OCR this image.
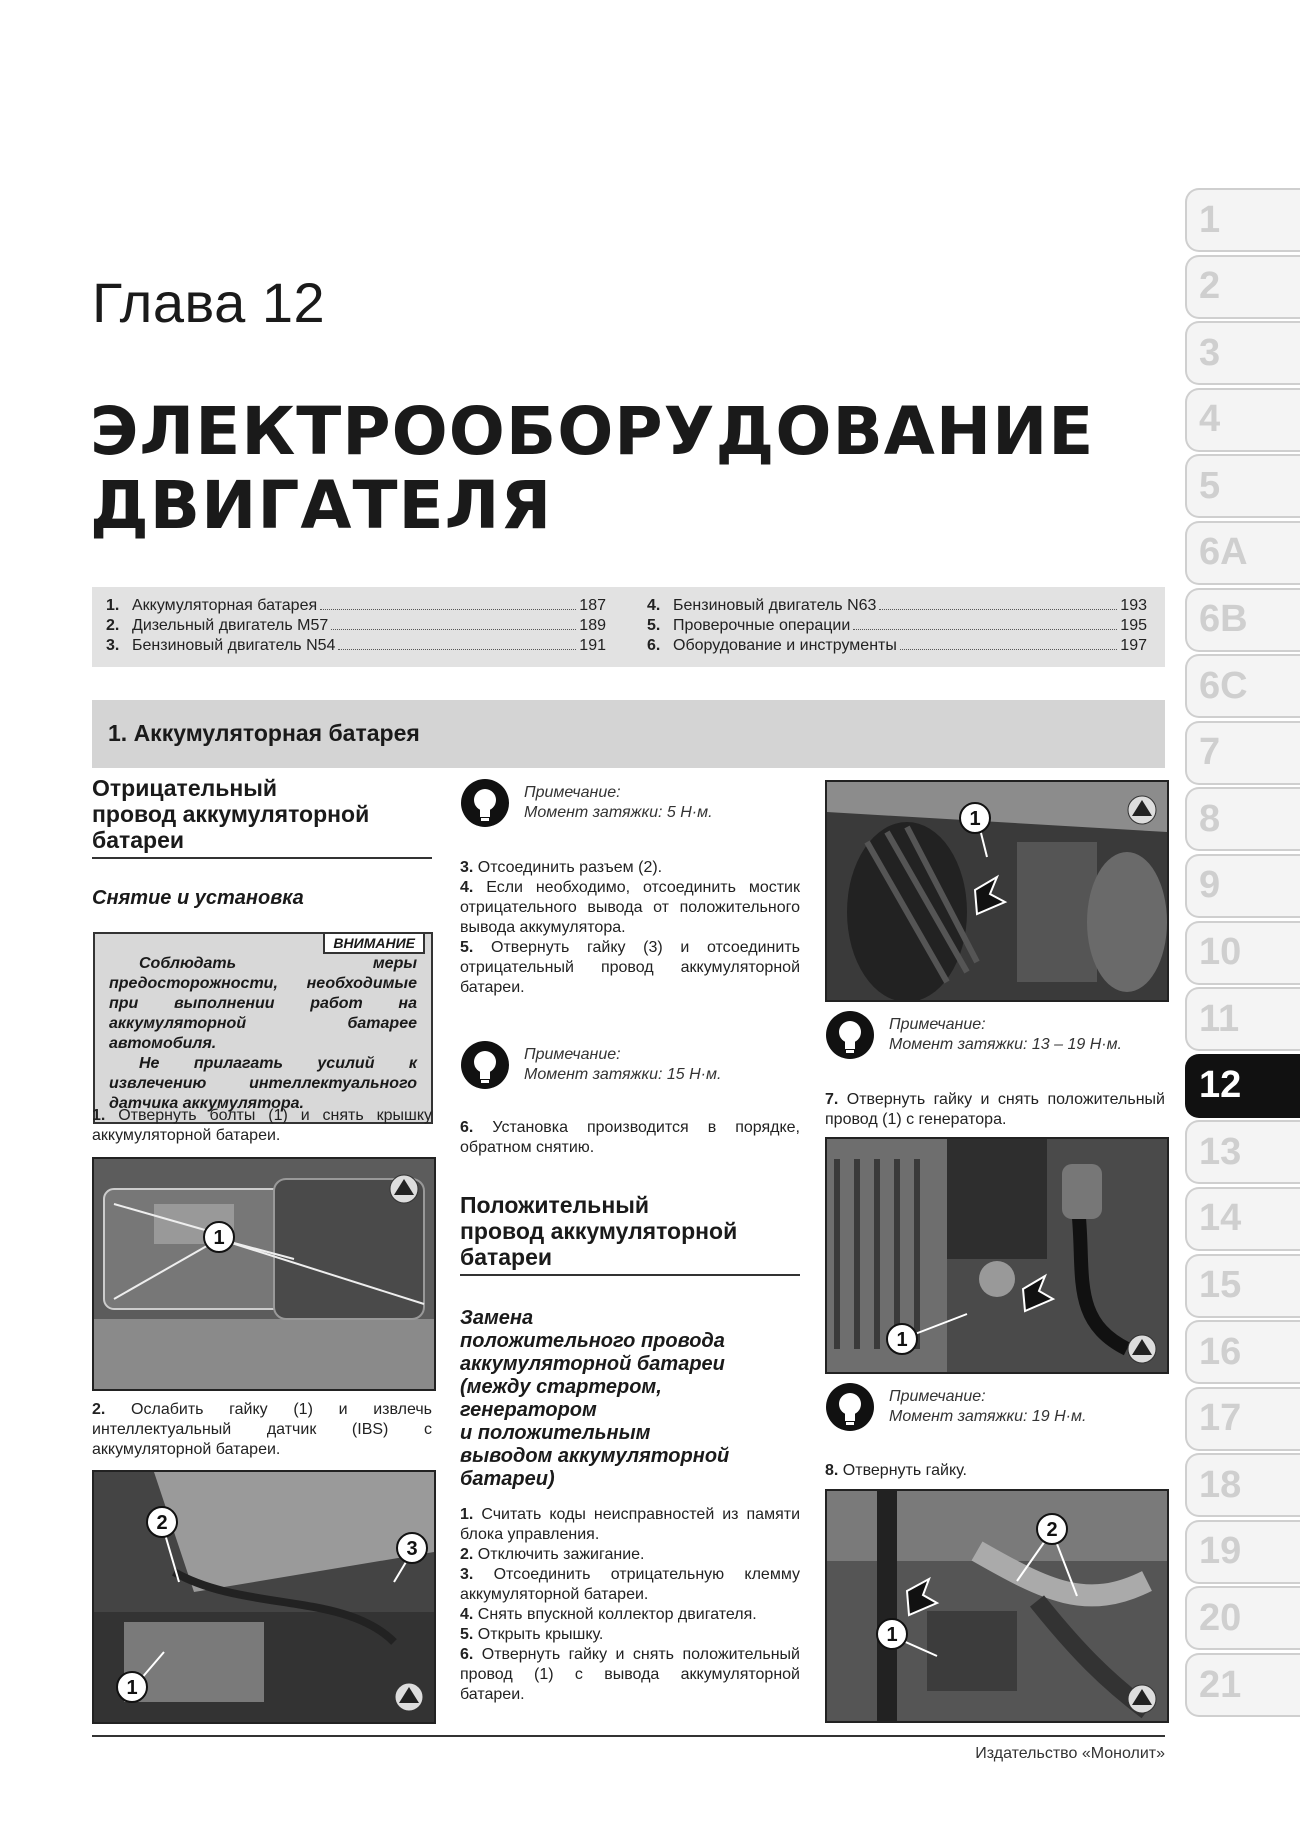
Глава 12
ЭЛЕКТРООБОРУДОВАНИЕ
ДВИГАТЕЛЯ
1. Аккумуляторная батарея	187
2. Дизельный двигатель M57	189
3. Бензиновый двигатель N54	191
4. Бензиновый двигатель N63	193
5. Проверочные операции	195
6. Оборудование и инструменты	197
1. Аккумуляторная батарея
Отрицательный
провод аккумуляторной
батареи
Снятие и установка
ВНИМАНИЕ
Соблюдать меры предосторожности, необходимые при выполнении работ на аккумуляторной батарее автомобиля.
Не прилагать усилий к извлечению интеллектуального датчика аккумулятора.
1. Отвернуть болты (1) и снять крышку аккумуляторной батареи.
1
2. Ослабить гайку (1) и извлечь интеллектуальный датчик (IBS) с аккумуляторной батареи.
2
3
1
Примечание:
Момент затяжки: 5 Н·м.
3. Отсоединить разъем (2).
4. Если необходимо, отсоединить мостик отрицательного вывода от положительного вывода аккумулятора.
5. Отвернуть гайку (3) и отсоединить отрицательный провод аккумуляторной батареи.
Примечание:
Момент затяжки: 15 Н·м.
6. Установка производится в порядке, обратном снятию.
Положительный
провод аккумуляторной
батареи
Замена
положительного провода
аккумуляторной батареи
(между стартером,
генератором
и положительным
выводом аккумуляторной
батареи)
1. Считать коды неисправностей из памяти блока управления.
2. Отключить зажигание.
3. Отсоединить отрицательную клемму аккумуляторной батареи.
4. Снять впускной коллектор двигателя.
5. Открыть крышку.
6. Отвернуть гайку и снять положительный провод (1) с вывода аккумуляторной батареи.
1
Примечание:
Момент затяжки: 13 – 19 Н·м.
7. Отвернуть гайку и снять положительный провод (1) с генератора.
1
Примечание:
Момент затяжки: 19 Н·м.
8. Отвернуть гайку.
2
1
1
2
3
4
5
6A
6B
6C
7
8
9
10
11
12
13
14
15
16
17
18
19
20
21
Издательство «Монолит»
